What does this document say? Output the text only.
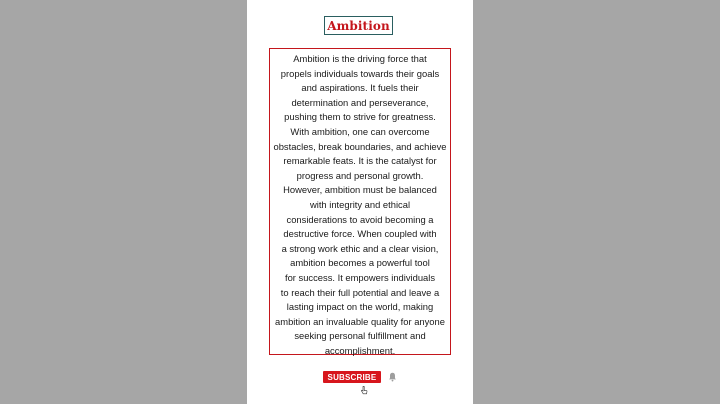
Ambition

Ambition is the driving force that
propels individuals towards their goals
and aspirations. It fuels their
determination and perseverance,
pushing them to strive for greatness.
With ambition, one can overcome
obstacles, break boundaries, and achieve
remarkable feats. It is the catalyst for
progress and personal growth.
However, ambition must be balanced
with integrity and ethical
considerations to avoid becoming a
destructive force. When coupled with
a strong work ethic and a clear vision,
ambition becomes a powerful tool
for success. It empowers individuals
to reach their full potential and leave a
lasting impact on the world, making
ambition an invaluable quality for anyone
seeking personal fulfillment and
accomplishment.

SUBSCRIBE
